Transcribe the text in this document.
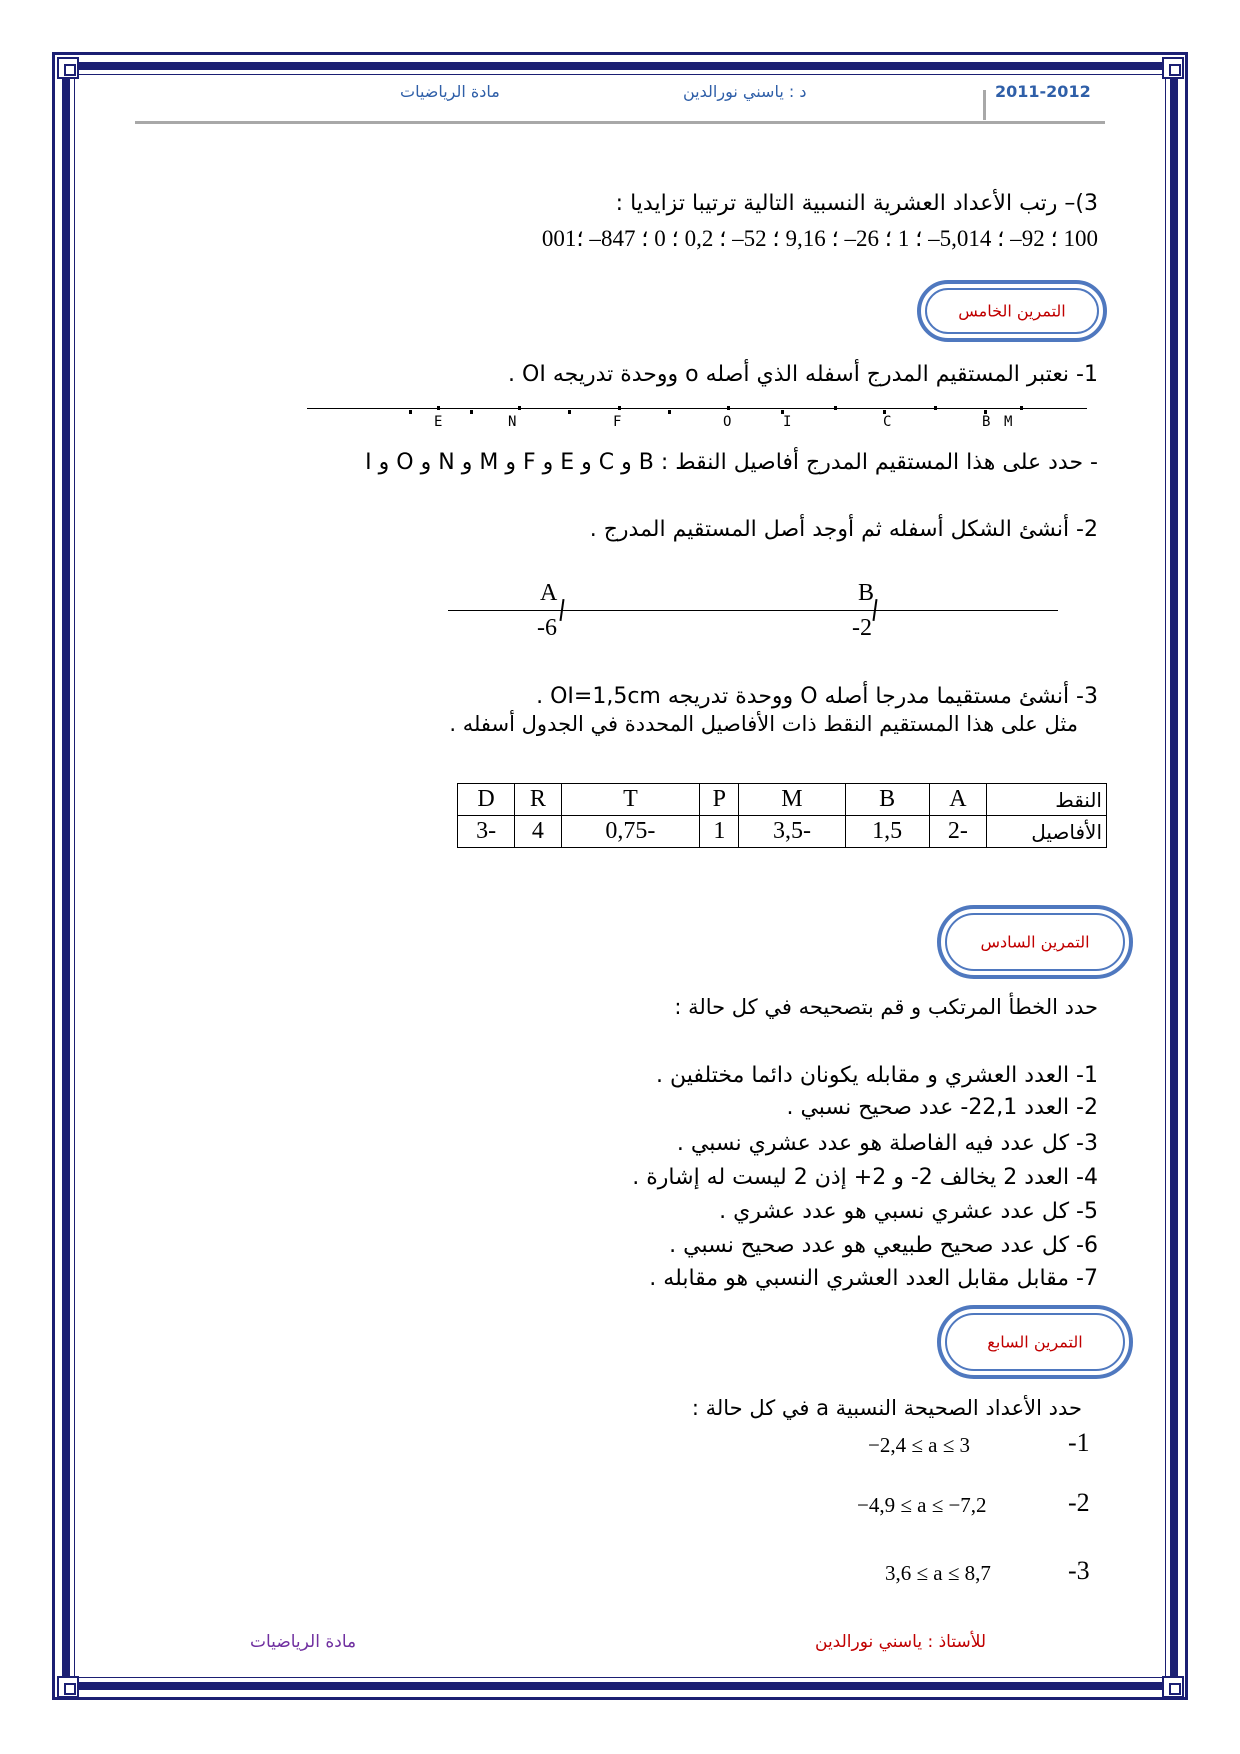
مادة الرياضيات	د : ياسني نورالدين	2011-2012
3)– رتب الأعداد العشرية النسبية التالية ترتيبا تزايديا :
100 ؛ 92– ؛ 5,014– ؛ 1 ؛ 26– ؛ 9,16 ؛ 52– ؛ 0,2 ؛ 0 ؛ 847– ؛001
التمرين الخامس
1- نعتبر المستقيم المدرج أسفله الذي أصله o ووحدة تدريجه OI .
E	N	F	O	I	C	B M
- حدد على هذا المستقيم المدرج أفاصيل النقط : B و C و E و F و M و N و O و I
2- أنشئ الشكل أسفله ثم أوجد أصل المستقيم المدرج .
A	B
-6	-2
3- أنشئ مستقيما مدرجا أصله O ووحدة تدريجه OI=1,5cm .
مثل على هذا المستقيم النقط ذات الأفاصيل المحددة في الجدول أسفله .
النقط	A	B	M	P	T	R	D
الأفاصيل	-2	1,5	-3,5	1	-0,75	4	-3
التمرين السادس
حدد الخطأ المرتكب و قم بتصحيحه في كل حالة :
1- العدد العشري و مقابله يكونان دائما مختلفين .
2- العدد 22,1- عدد صحيح نسبي .
3- كل عدد فيه الفاصلة هو عدد عشري نسبي .
4- العدد 2 يخالف 2- و 2+ إذن 2 ليست له إشارة .
5- كل عدد عشري نسبي هو عدد عشري .
6- كل عدد صحيح طبيعي هو عدد صحيح نسبي .
7- مقابل مقابل العدد العشري النسبي هو مقابله .
التمرين السابع
حدد الأعداد الصحيحة النسبية a في كل حالة :
-1
−2,4 ≤ a ≤ 3
-2
−4,9 ≤ a ≤ −7,2
-3
3,6 ≤ a ≤ 8,7
للأستاذ : ياسني نورالدين
مادة الرياضيات
